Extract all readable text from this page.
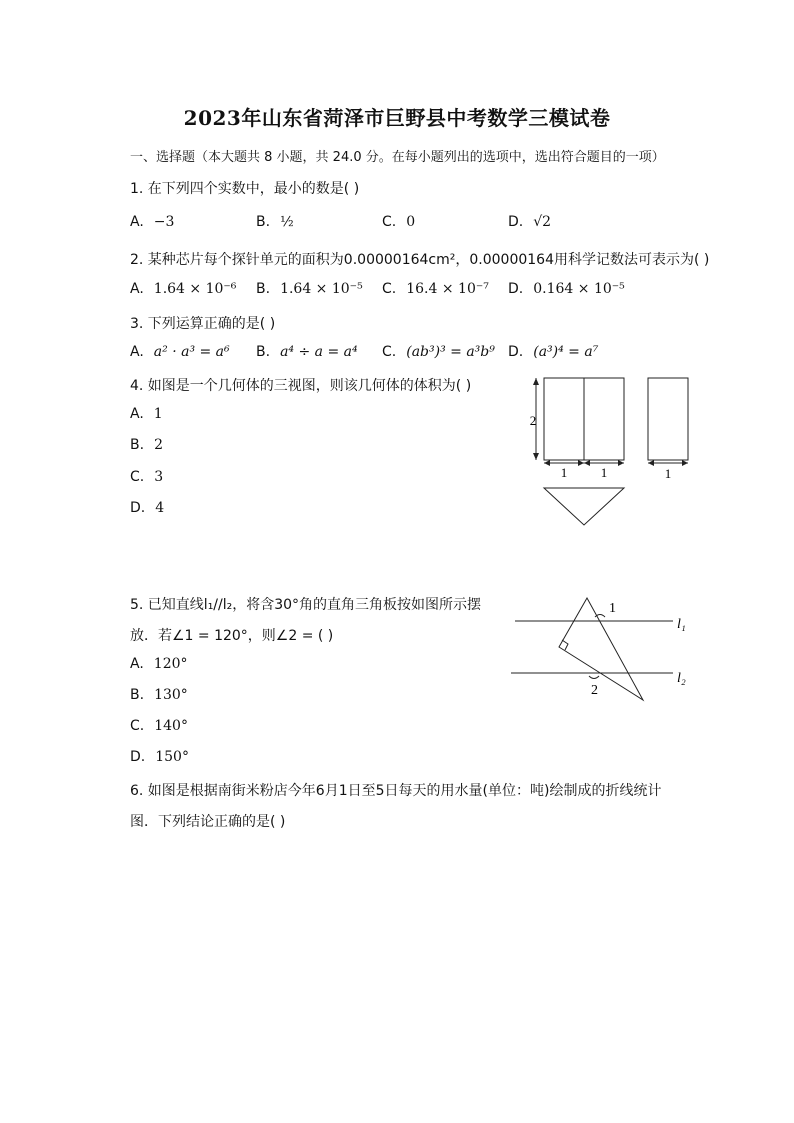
2023年山东省菏泽市巨野县中考数学三模试卷
一、选择题（本大题共 8 小题，共 24.0 分。在每小题列出的选项中，选出符合题目的一项）
1. 在下列四个实数中，最小的数是( )
A. −3	B. ½	C. 0	D. √2
2. 某种芯片每个探针单元的面积为0.00000164cm²，0.00000164用科学记数法可表示为( )
A. 1.64 × 10⁻⁶ B. 1.64 × 10⁻⁵ C. 16.4 × 10⁻⁷ D. 0.164 × 10⁻⁵
3. 下列运算正确的是( )
A. a² · a³ = a⁶ B. a⁴ ÷ a = a⁴ C. (ab³)³ = a³b⁹ D. (a³)⁴ = a⁷
4. 如图是一个几何体的三视图，则该几何体的体积为( )
A. 1
B. 2
C. 3
D. 4
2
1	1	1
5. 已知直线l₁//l₂，将含30°角的直角三角板按如图所示摆
放．若∠1 = 120°，则∠2 = ( )
A. 120°
B. 130°
C. 140°
D. 150°
1
2
l₁
l₂
6. 如图是根据南街米粉店今年6月1日至5日每天的用水量(单位：吨)绘制成的折线统计
图．下列结论正确的是( )
